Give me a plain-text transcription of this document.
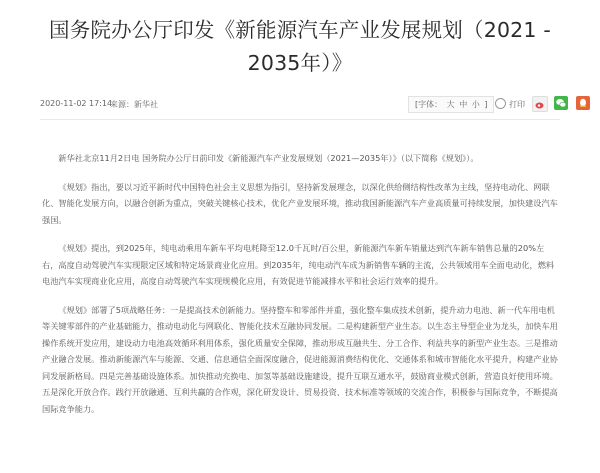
国务院办公厅印发《新能源汽车产业发展规划（2021 - 2035年）》
2020-11-02 17:14
来源：新华社	[字体： 大 中 小 ]	打印

新华社北京11月2日电 国务院办公厅日前印发《新能源汽车产业发展规划（2021—2035年）》（以下简称《规划》）。

《规划》指出，要以习近平新时代中国特色社会主义思想为指引，坚持新发展理念，以深化供给侧结构性改革为主线，坚持电动化、网联化、智能化发展方向，以融合创新为重点，突破关键核心技术，优化产业发展环境，推动我国新能源汽车产业高质量可持续发展，加快建设汽车强国。

《规划》提出，到2025年，纯电动乘用车新车平均电耗降至12.0千瓦时/百公里，新能源汽车新车销量达到汽车新车销售总量的20%左右，高度自动驾驶汽车实现限定区域和特定场景商业化应用。到2035年，纯电动汽车成为新销售车辆的主流，公共领域用车全面电动化，燃料电池汽车实现商业化应用，高度自动驾驶汽车实现规模化应用，有效促进节能减排水平和社会运行效率的提升。

《规划》部署了5项战略任务：一是提高技术创新能力。坚持整车和零部件并重，强化整车集成技术创新，提升动力电池、新一代车用电机等关键零部件的产业基础能力，推动电动化与网联化、智能化技术互融协同发展。二是构建新型产业生态。以生态主导型企业为龙头，加快车用操作系统开发应用，建设动力电池高效循环利用体系，强化质量安全保障，推动形成互融共生、分工合作、利益共享的新型产业生态。三是推动产业融合发展。推动新能源汽车与能源、交通、信息通信全面深度融合，促进能源消费结构优化、交通体系和城市智能化水平提升，构建产业协同发展新格局。四是完善基础设施体系。加快推动充换电、加氢等基础设施建设，提升互联互通水平，鼓励商业模式创新，营造良好使用环境。五是深化开放合作。践行开放融通、互利共赢的合作观，深化研发设计、贸易投资、技术标准等领域的交流合作，积极参与国际竞争，不断提高国际竞争能力。
